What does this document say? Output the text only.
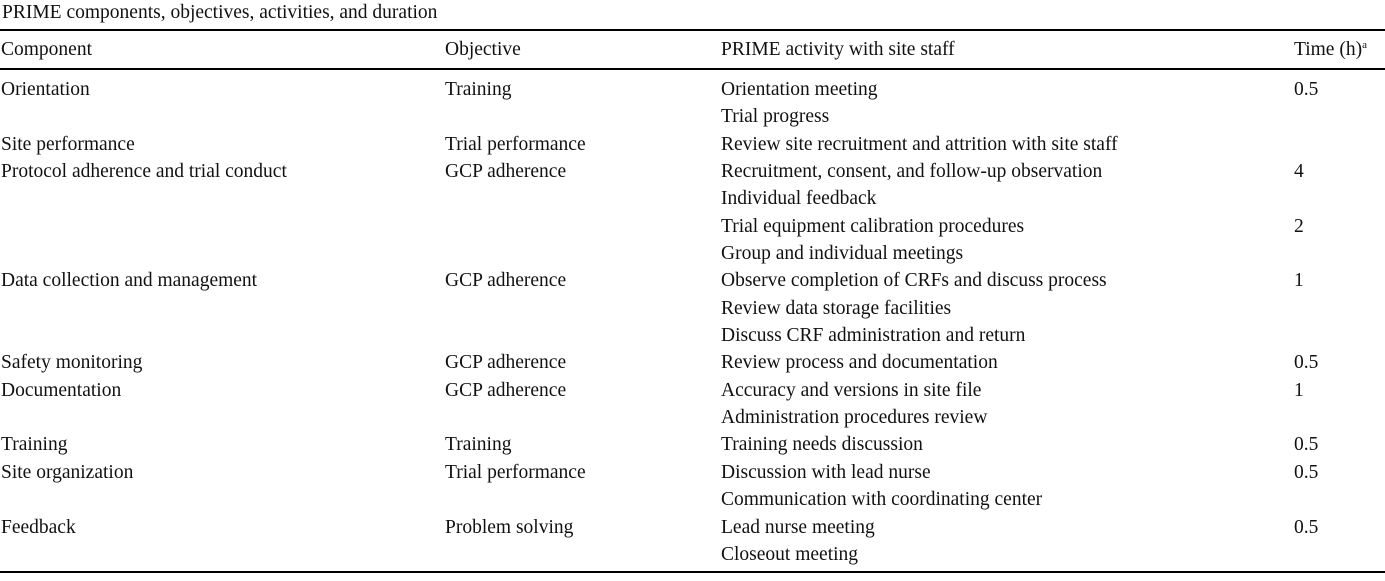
PRIME components, objectives, activities, and duration
Component	Objective	PRIME activity with site staff	Time $(h)^a$
Orientation	Training	Orientation meeting	0.5
Trial progress
Site performance	Trial performance	Review site recruitment and attrition with site staff
Protocol adherence and trial conduct	GCP adherence	Recruitment, consent, and follow-up observation	4
Individual feedback
Trial equipment calibration procedures	2
Group and individual meetings
Data collection and management	GCP adherence	Observe completion of CRFs and discuss process	1
Review data storage facilities
Discuss CRF administration and return
Safety monitoring	GCP adherence	Review process and documentation	0.5
Documentation	GCP adherence	Accuracy and versions in site file	1
Administration procedures review
Training	Training	Training needs discussion	0.5
Site organization	Trial performance	Discussion with lead nurse	0.5
Communication with coordinating center
Feedback	Problem solving	Lead nurse meeting	0.5
Closeout meeting
